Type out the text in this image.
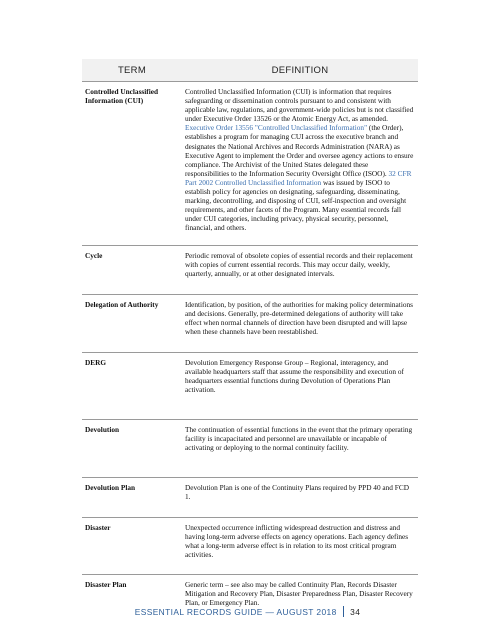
TERM	DEFINITION
Controlled Unclassified Information (CUI)	Controlled Unclassified Information (CUI) is information that requires safeguarding or dissemination controls pursuant to and consistent with applicable law, regulations, and government-wide policies but is not classified under Executive Order 13526 or the Atomic Energy Act, as amended. Executive Order 13556 "Controlled Unclassified Information" (the Order), establishes a program for managing CUI across the executive branch and designates the National Archives and Records Administration (NARA) as Executive Agent to implement the Order and oversee agency actions to ensure compliance. The Archivist of the United States delegated these responsibilities to the Information Security Oversight Office (ISOO). 32 CFR Part 2002 Controlled Unclassified Information was issued by ISOO to establish policy for agencies on designating, safeguarding, disseminating, marking, decontrolling, and disposing of CUI, self-inspection and oversight requirements, and other facets of the Program. Many essential records fall under CUI categories, including privacy, physical security, personnel, financial, and others.
Cycle	Periodic removal of obsolete copies of essential records and their replacement with copies of current essential records. This may occur daily, weekly, quarterly, annually, or at other designated intervals.
Delegation of Authority	Identification, by position, of the authorities for making policy determinations and decisions. Generally, pre-determined delegations of authority will take effect when normal channels of direction have been disrupted and will lapse when these channels have been reestablished.
DERG	Devolution Emergency Response Group – Regional, interagency, and available headquarters staff that assume the responsibility and execution of headquarters essential functions during Devolution of Operations Plan activation.
Devolution	The continuation of essential functions in the event that the primary operating facility is incapacitated and personnel are unavailable or incapable of activating or deploying to the normal continuity facility.
Devolution Plan	Devolution Plan is one of the Continuity Plans required by PPD 40 and FCD 1.
Disaster	Unexpected occurrence inflicting widespread destruction and distress and having long-term adverse effects on agency operations. Each agency defines what a long-term adverse effect is in relation to its most critical program activities.
Disaster Plan	Generic term – see also may be called Continuity Plan, Records Disaster Mitigation and Recovery Plan, Disaster Preparedness Plan, Disaster Recovery Plan, or Emergency Plan.
ESSENTIAL RECORDS GUIDE — AUGUST 2018 34
